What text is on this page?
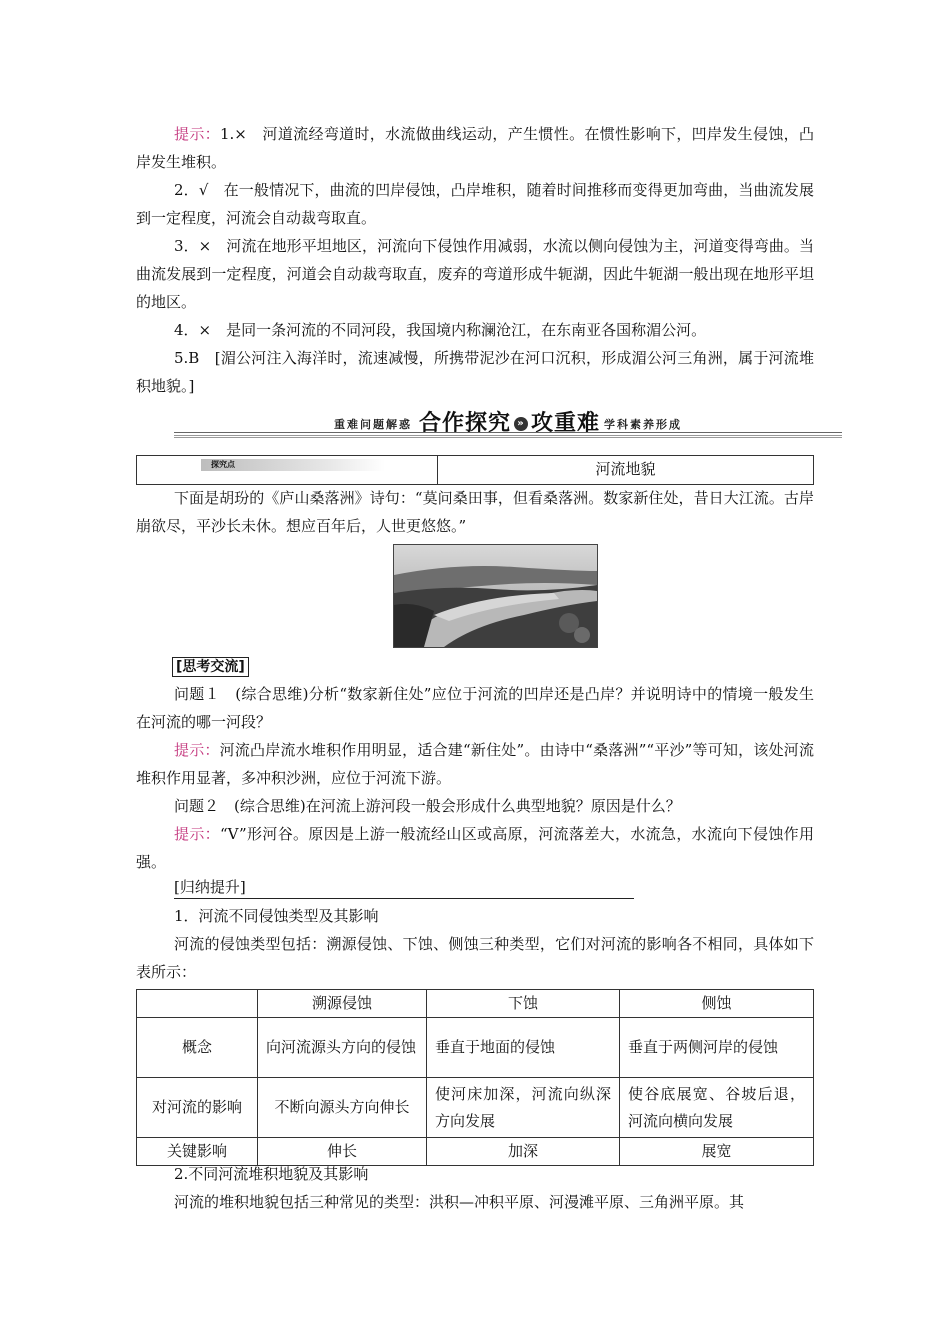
提示：1.×　河道流经弯道时，水流做曲线运动，产生惯性。在惯性影响下，凹岸发生侵蚀，凸岸发生堆积。

2．√　在一般情况下，曲流的凹岸侵蚀，凸岸堆积，随着时间推移而变得更加弯曲，当曲流发展到一定程度，河流会自动裁弯取直。

3．×　河流在地形平坦地区，河流向下侵蚀作用减弱，水流以侧向侵蚀为主，河道变得弯曲。当曲流发展到一定程度，河道会自动裁弯取直，废弃的弯道形成牛轭湖，因此牛轭湖一般出现在地形平坦的地区。

4．×　是同一条河流的不同河段，我国境内称澜沧江，在东南亚各国称湄公河。

5.B　[湄公河注入海洋时，流速减慢，所携带泥沙在河口沉积，形成湄公河三角洲，属于河流堆积地貌。]

重难问题解惑 合作探究 » 攻重难 学科素养形成
探究点	河流地貌

下面是胡玢的《庐山桑落洲》诗句：“莫问桑田事，但看桑落洲。数家新住处，昔日大江流。古岸崩欲尽，平沙长未休。想应百年后，人世更悠悠。”

[思考交流]

问题１　(综合思维)分析“数家新住处”应位于河流的凹岸还是凸岸？并说明诗中的情境一般发生在河流的哪一河段？

提示：河流凸岸流水堆积作用明显，适合建“新住处”。由诗中“桑落洲”“平沙”等可知，该处河流堆积作用显著，多冲积沙洲，应位于河流下游。

问题２　(综合思维)在河流上游河段一般会形成什么典型地貌？原因是什么？

提示：“V”形河谷。原因是上游一般流经山区或高原，河流落差大，水流急，水流向下侵蚀作用强。

[归纳提升]

1．河流不同侵蚀类型及其影响

河流的侵蚀类型包括：溯源侵蚀、下蚀、侧蚀三种类型，它们对河流的影响各不相同，具体如下表所示：

	溯源侵蚀	下蚀	侧蚀
概念	向河流源头方向的侵蚀	垂直于地面的侵蚀	垂直于两侧河岸的侵蚀
对河流的影响	不断向源头方向伸长	使河床加深，河流向纵深方向发展	使谷底展宽、谷坡后退，河流向横向发展
关键影响	伸长	加深	展宽

2.不同河流堆积地貌及其影响

河流的堆积地貌包括三种常见的类型：洪积—冲积平原、河漫滩平原、三角洲平原。其
